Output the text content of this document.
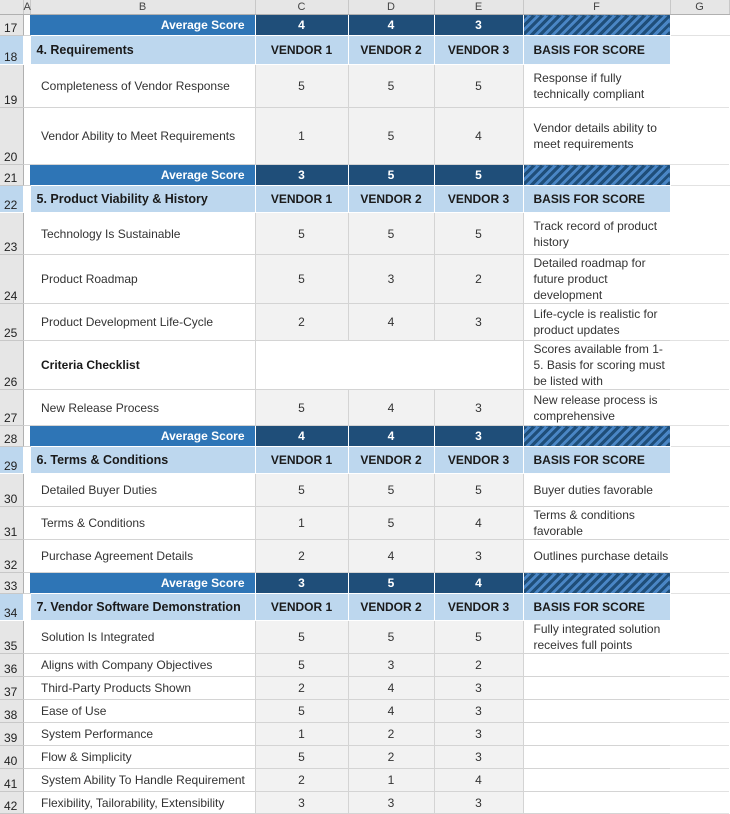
	A	B	C	D	E	F	G
17		Average Score	4	4	3		
18		4. Requirements	VENDOR 1	VENDOR 2	VENDOR 3	BASIS FOR SCORE	
19		Completeness of Vendor Response	5	5	5	Response if fully technically compliant	
20		Vendor Ability to Meet Requirements	1	5	4	Vendor details ability to meet requirements	
21		Average Score	3	5	5		
22		5. Product Viability & History	VENDOR 1	VENDOR 2	VENDOR 3	BASIS FOR SCORE	
23		Technology Is Sustainable	5	5	5	Track record of product history	
24		Product Roadmap	5	3	2	Detailed roadmap for future product development	
25		Product Development Life-Cycle	2	4	3	Life-cycle is realistic for product updates	
26		Criteria Checklist				Scores available from 1-5. Basis for scoring must be listed with	
27		New Release Process	5	4	3	New release process is comprehensive	
28		Average Score	4	4	3		
29		6. Terms & Conditions	VENDOR 1	VENDOR 2	VENDOR 3	BASIS FOR SCORE	
30		Detailed Buyer Duties	5	5	5	Buyer duties favorable	
31		Terms & Conditions	1	5	4	Terms & conditions favorable	
32		Purchase Agreement Details	2	4	3	Outlines purchase details	
33		Average Score	3	5	4		
34		7. Vendor Software Demonstration	VENDOR 1	VENDOR 2	VENDOR 3	BASIS FOR SCORE	
35		Solution Is Integrated	5	5	5	Fully integrated solution receives full points	
36		Aligns with Company Objectives	5	3	2		
37		Third-Party Products Shown	2	4	3		
38		Ease of Use	5	4	3		
39		System Performance	1	2	3		
40		Flow & Simplicity	5	2	3		
41		System Ability To Handle Requirement	2	1	4		
42		Flexibility, Tailorability, Extensibility	3	3	3		
